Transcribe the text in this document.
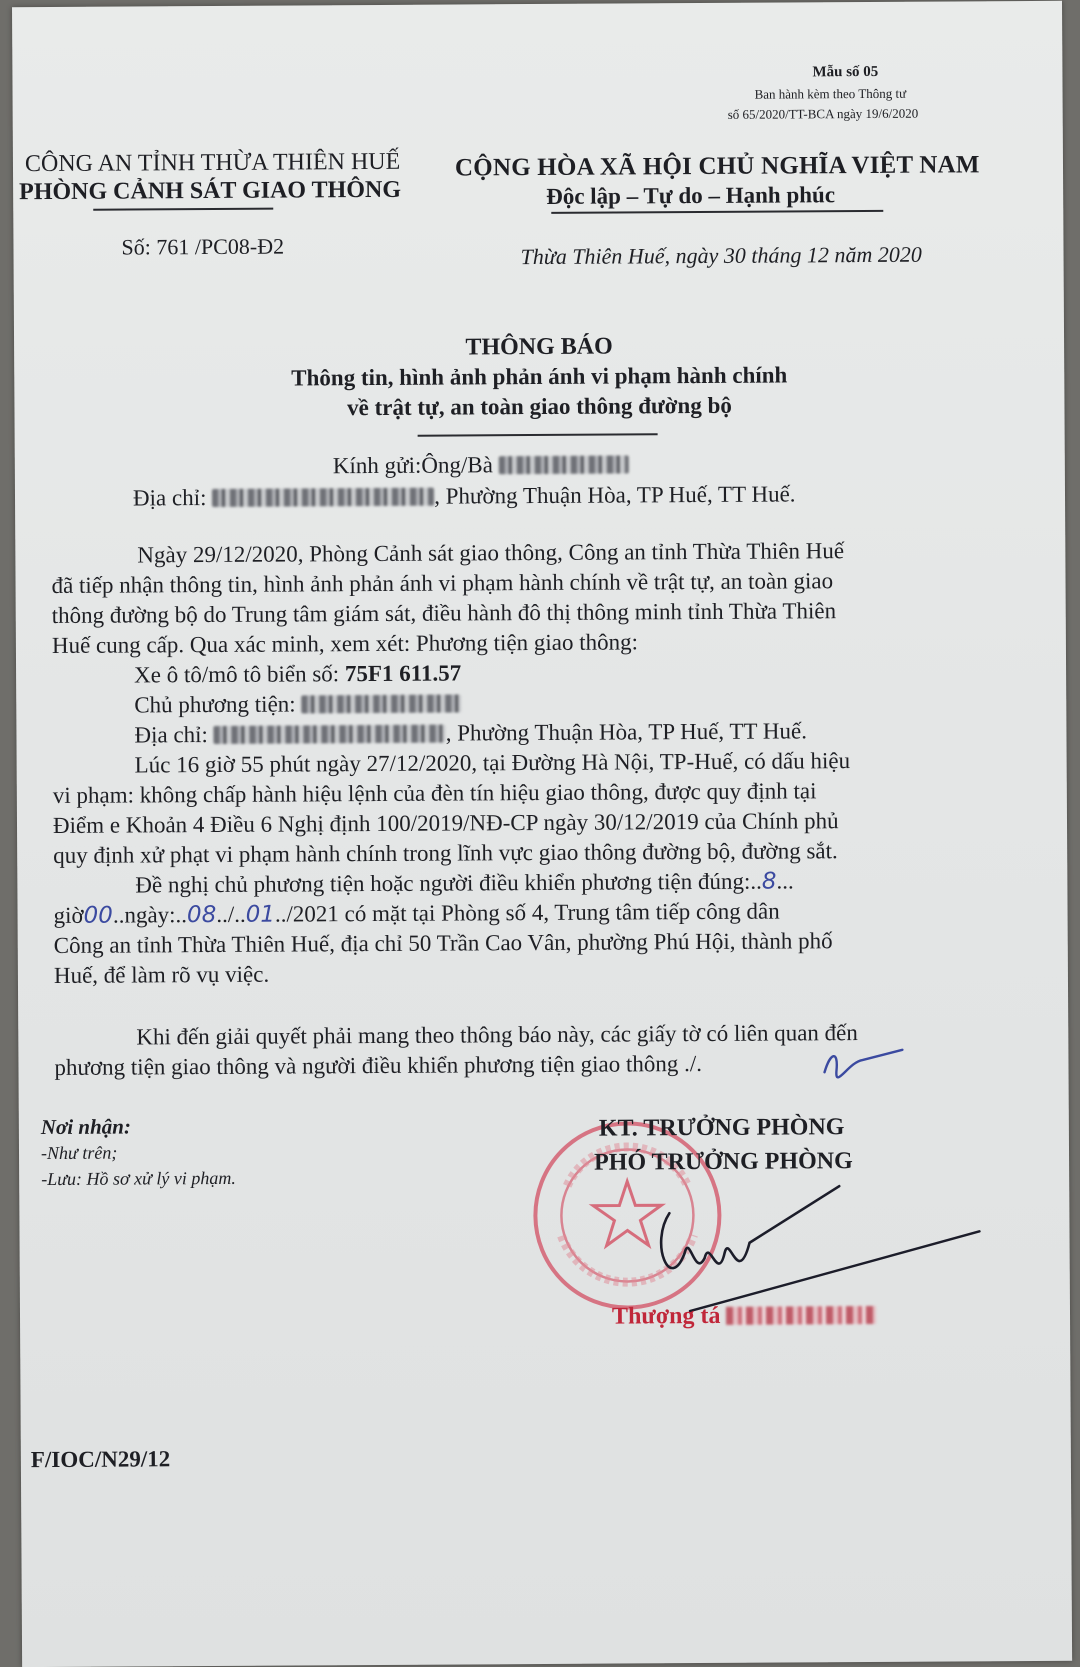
Mẫu số 05
Ban hành kèm theo Thông tư
số 65/2020/TT-BCA ngày 19/6/2020
CÔNG AN TỈNH THỪA THIÊN HUẾ
PHÒNG CẢNH SÁT GIAO THÔNG
Số: 761 /PC08-Đ2
CỘNG HÒA XÃ HỘI CHỦ NGHĨA VIỆT NAM
Độc lập – Tự do – Hạnh phúc
Thừa Thiên Huế, ngày 30 tháng 12 năm 2020
THÔNG BÁO
Thông tin, hình ảnh phản ánh vi phạm hành chính
về trật tự, an toàn giao thông đường bộ
Kính gửi:Ông/Bà
Địa chỉ:	, Phường Thuận Hòa, TP Huế, TT Huế.
Ngày 29/12/2020, Phòng Cảnh sát giao thông, Công an tỉnh Thừa Thiên Huế
đã tiếp nhận thông tin, hình ảnh phản ánh vi phạm hành chính về trật tự, an toàn giao
thông đường bộ do Trung tâm giám sát, điều hành đô thị thông minh tỉnh Thừa Thiên
Huế cung cấp. Qua xác minh, xem xét: Phương tiện giao thông:
Xe ô tô/mô tô biển số: 75F1 611.57
Chủ phương tiện:
Địa chỉ:	, Phường Thuận Hòa, TP Huế, TT Huế.
Lúc 16 giờ 55 phút ngày 27/12/2020, tại Đường Hà Nội, TP-Huế, có dấu hiệu
vi phạm: không chấp hành hiệu lệnh của đèn tín hiệu giao thông, được quy định tại
Điểm e Khoản 4 Điều 6 Nghị định 100/2019/NĐ-CP ngày 30/12/2019 của Chính phủ
quy định xử phạt vi phạm hành chính trong lĩnh vực giao thông đường bộ, đường sắt.
Đề nghị chủ phương tiện hoặc người điều khiển phương tiện đúng:..8...
giờ00..ngày:..08../..01../2021 có mặt tại Phòng số 4, Trung tâm tiếp công dân
Công an tỉnh Thừa Thiên Huế, địa chỉ 50 Trần Cao Vân, phường Phú Hội, thành phố
Huế, để làm rõ vụ việc.
Khi đến giải quyết phải mang theo thông báo này, các giấy tờ có liên quan đến
phương tiện giao thông và người điều khiển phương tiện giao thông ./.
Nơi nhận:
-Như trên;
-Lưu: Hồ sơ xử lý vi phạm.
KT. TRƯỞNG PHÒNG
PHÓ TRƯỞNG PHÒNG
Thượng tá
F/IOC/N29/12
